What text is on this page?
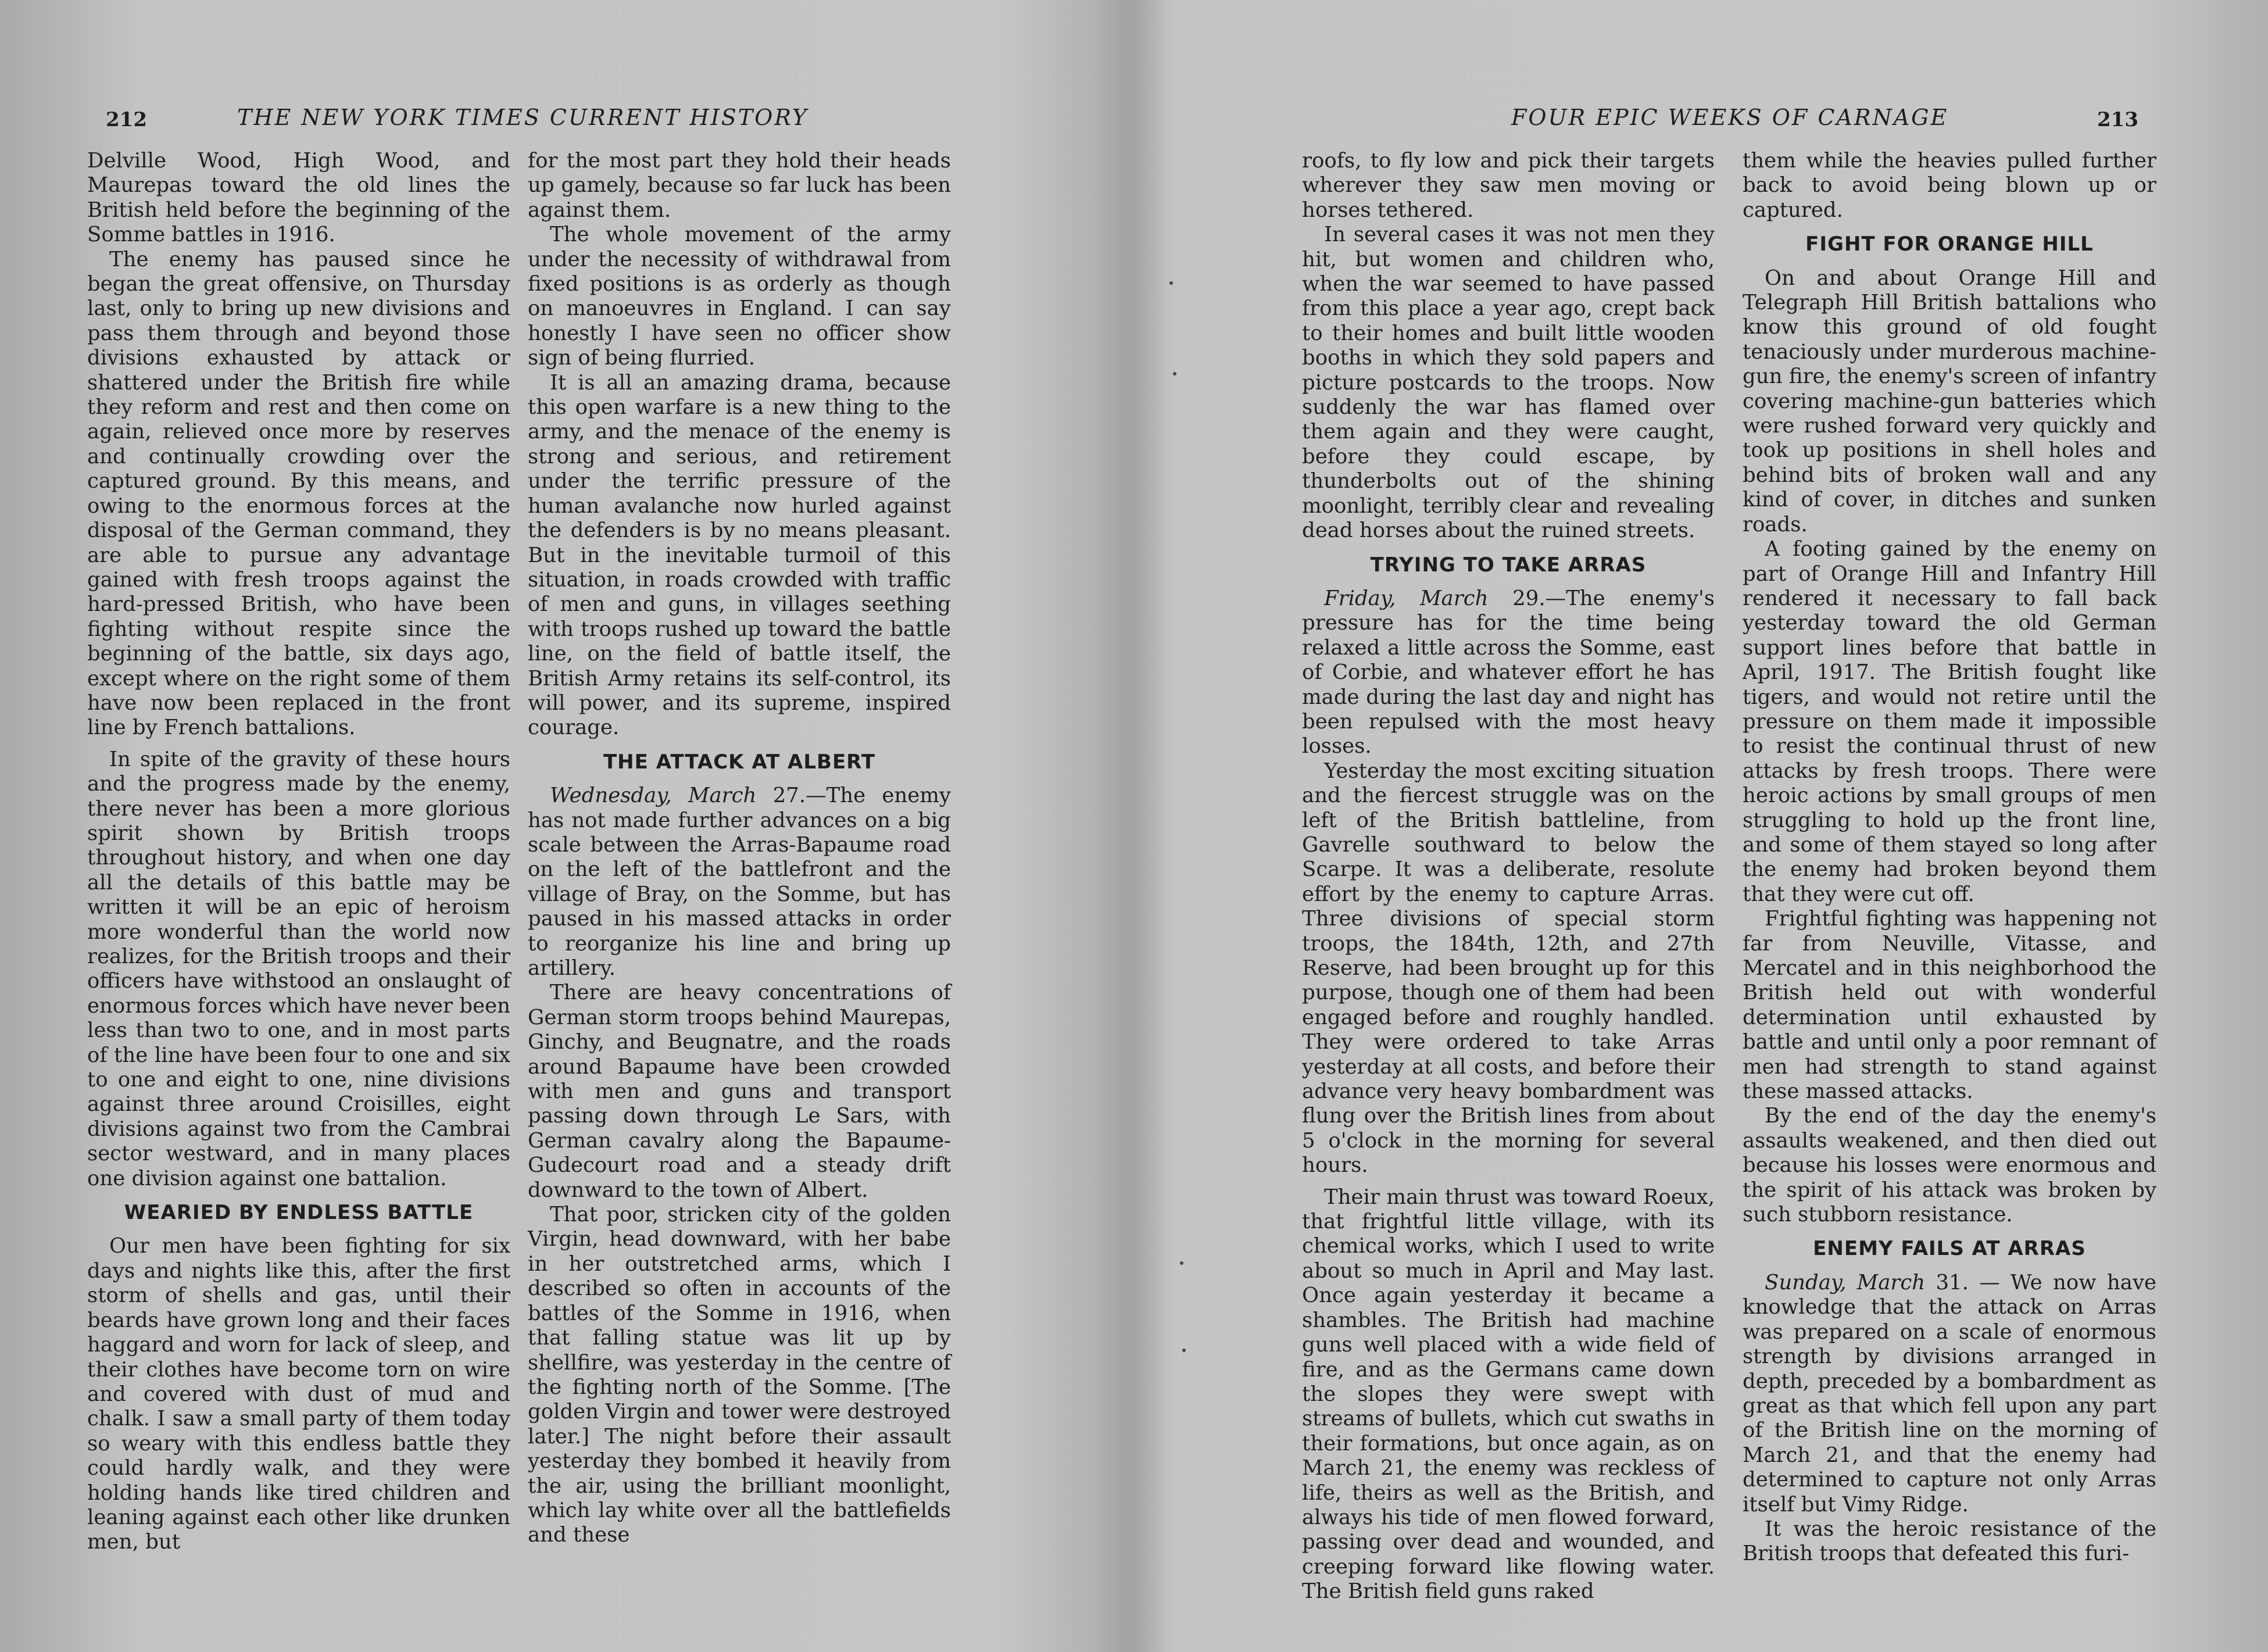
212	THE NEW YORK TIMES CURRENT HISTORY

Delville Wood, High Wood, and Maurepas toward the old lines the British held before the beginning of the Somme battles in 1916.

The enemy has paused since he began the great offensive, on Thursday last, only to bring up new divisions and pass them through and beyond those divisions exhausted by attack or shattered under the British fire while they reform and rest and then come on again, relieved once more by reserves and continually crowding over the captured ground. By this means, and owing to the enormous forces at the disposal of the German command, they are able to pursue any advantage gained with fresh troops against the hard-pressed British, who have been fighting without respite since the beginning of the battle, six days ago, except where on the right some of them have now been replaced in the front line by French battalions.

In spite of the gravity of these hours and the progress made by the enemy, there never has been a more glorious spirit shown by British troops throughout history, and when one day all the details of this battle may be written it will be an epic of heroism more wonderful than the world now realizes, for the British troops and their officers have withstood an onslaught of enormous forces which have never been less than two to one, and in most parts of the line have been four to one and six to one and eight to one, nine divisions against three around Croisilles, eight divisions against two from the Cambrai sector westward, and in many places one division against one battalion.

WEARIED BY ENDLESS BATTLE

Our men have been fighting for six days and nights like this, after the first storm of shells and gas, until their beards have grown long and their faces haggard and worn for lack of sleep, and their clothes have become torn on wire and covered with dust of mud and chalk. I saw a small party of them today so weary with this endless battle they could hardly walk, and they were holding hands like tired children and leaning against each other like drunken men, but

for the most part they hold their heads up gamely, because so far luck has been against them.

The whole movement of the army under the necessity of withdrawal from fixed positions is as orderly as though on manoeuvres in England. I can say honestly I have seen no officer show sign of being flurried.

It is all an amazing drama, because this open warfare is a new thing to the army, and the menace of the enemy is strong and serious, and retirement under the terrific pressure of the human avalanche now hurled against the defenders is by no means pleasant. But in the inevitable turmoil of this situation, in roads crowded with traffic of men and guns, in villages seething with troops rushed up toward the battle line, on the field of battle itself, the British Army retains its self-control, its will power, and its supreme, inspired courage.

THE ATTACK AT ALBERT

Wednesday, March 27.—The enemy has not made further advances on a big scale between the Arras-Bapaume road on the left of the battlefront and the village of Bray, on the Somme, but has paused in his massed attacks in order to reorganize his line and bring up artillery.

There are heavy concentrations of German storm troops behind Maurepas, Ginchy, and Beugnatre, and the roads around Bapaume have been crowded with men and guns and transport passing down through Le Sars, with German cavalry along the Bapaume-Gudecourt road and a steady drift downward to the town of Albert.

That poor, stricken city of the golden Virgin, head downward, with her babe in her outstretched arms, which I described so often in accounts of the battles of the Somme in 1916, when that falling statue was lit up by shellfire, was yesterday in the centre of the fighting north of the Somme. [The golden Virgin and tower were destroyed later.] The night before their assault yesterday they bombed it heavily from the air, using the brilliant moonlight, which lay white over all the battlefields and these

FOUR EPIC WEEKS OF CARNAGE	213

roofs, to fly low and pick their targets wherever they saw men moving or horses tethered.

In several cases it was not men they hit, but women and children who, when the war seemed to have passed from this place a year ago, crept back to their homes and built little wooden booths in which they sold papers and picture postcards to the troops. Now suddenly the war has flamed over them again and they were caught, before they could escape, by thunderbolts out of the shining moonlight, terribly clear and revealing dead horses about the ruined streets.

TRYING TO TAKE ARRAS

Friday, March 29.—The enemy's pressure has for the time being relaxed a little across the Somme, east of Corbie, and whatever effort he has made during the last day and night has been repulsed with the most heavy losses.

Yesterday the most exciting situation and the fiercest struggle was on the left of the British battleline, from Gavrelle southward to below the Scarpe. It was a deliberate, resolute effort by the enemy to capture Arras. Three divisions of special storm troops, the 184th, 12th, and 27th Reserve, had been brought up for this purpose, though one of them had been engaged before and roughly handled. They were ordered to take Arras yesterday at all costs, and before their advance very heavy bombardment was flung over the British lines from about 5 o'clock in the morning for several hours.

Their main thrust was toward Roeux, that frightful little village, with its chemical works, which I used to write about so much in April and May last. Once again yesterday it became a shambles. The British had machine guns well placed with a wide field of fire, and as the Germans came down the slopes they were swept with streams of bullets, which cut swaths in their formations, but once again, as on March 21, the enemy was reckless of life, theirs as well as the British, and always his tide of men flowed forward, passing over dead and wounded, and creeping forward like flowing water. The British field guns raked

them while the heavies pulled further back to avoid being blown up or captured.

FIGHT FOR ORANGE HILL

On and about Orange Hill and Telegraph Hill British battalions who know this ground of old fought tenaciously under murderous machine-gun fire, the enemy's screen of infantry covering machine-gun batteries which were rushed forward very quickly and took up positions in shell holes and behind bits of broken wall and any kind of cover, in ditches and sunken roads.

A footing gained by the enemy on part of Orange Hill and Infantry Hill rendered it necessary to fall back yesterday toward the old German support lines before that battle in April, 1917. The British fought like tigers, and would not retire until the pressure on them made it impossible to resist the continual thrust of new attacks by fresh troops. There were heroic actions by small groups of men struggling to hold up the front line, and some of them stayed so long after the enemy had broken beyond them that they were cut off.

Frightful fighting was happening not far from Neuville, Vitasse, and Mercatel and in this neighborhood the British held out with wonderful determination until exhausted by battle and until only a poor remnant of men had strength to stand against these massed attacks.

By the end of the day the enemy's assaults weakened, and then died out because his losses were enormous and the spirit of his attack was broken by such stubborn resistance.

ENEMY FAILS AT ARRAS

Sunday, March 31. — We now have knowledge that the attack on Arras was prepared on a scale of enormous strength by divisions arranged in depth, preceded by a bombardment as great as that which fell upon any part of the British line on the morning of March 21, and that the enemy had determined to capture not only Arras itself but Vimy Ridge.

It was the heroic resistance of the British troops that defeated this furi-
